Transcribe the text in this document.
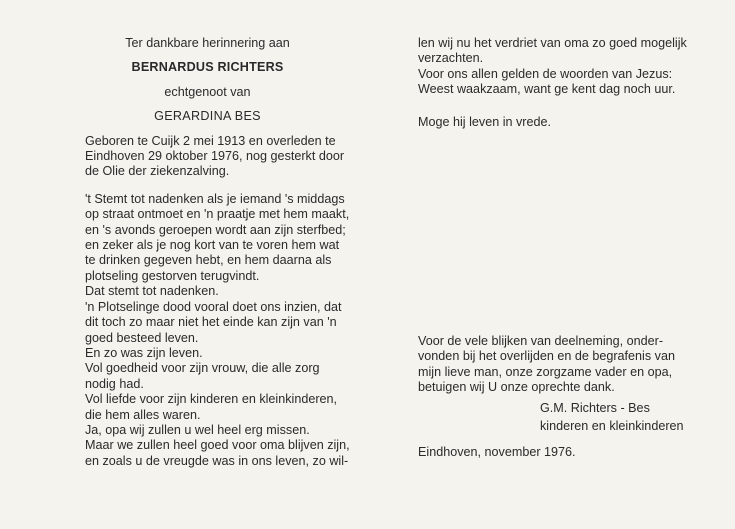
Ter dankbare herinnering aan

BERNARDUS RICHTERS

echtgenoot van

GERARDINA BES

Geboren te Cuijk 2 mei 1913 en overleden te

Eindhoven 29 oktober 1976, nog gesterkt door

de Olie der ziekenzalving.

't Stemt tot nadenken als je iemand 's middags

op straat ontmoet en 'n praatje met hem maakt,

en 's avonds geroepen wordt aan zijn sterfbed;

en zeker als je nog kort van te voren hem wat

te drinken gegeven hebt, en hem daarna als

plotseling gestorven terugvindt.

Dat stemt tot nadenken.

'n Plotselinge dood vooral doet ons inzien, dat

dit toch zo maar niet het einde kan zijn van 'n

goed besteed leven.

En zo was zijn leven.

Vol goedheid voor zijn vrouw, die alle zorg

nodig had.

Vol liefde voor zijn kinderen en kleinkinderen,

die hem alles waren.

Ja, opa wij zullen u wel heel erg missen.

Maar we zullen heel goed voor oma blijven zijn,

en zoals u de vreugde was in ons leven, zo wil-

len wij nu het verdriet van oma zo goed mogelijk

verzachten.

Voor ons allen gelden de woorden van Jezus:

Weest waakzaam, want ge kent dag noch uur.

Moge hij leven in vrede.

Voor de vele blijken van deelneming, onder-

vonden bij het overlijden en de begrafenis van

mijn lieve man, onze zorgzame vader en opa,

betuigen wij U onze oprechte dank.

G.M. Richters - Bes

kinderen en kleinkinderen

Eindhoven, november 1976.
